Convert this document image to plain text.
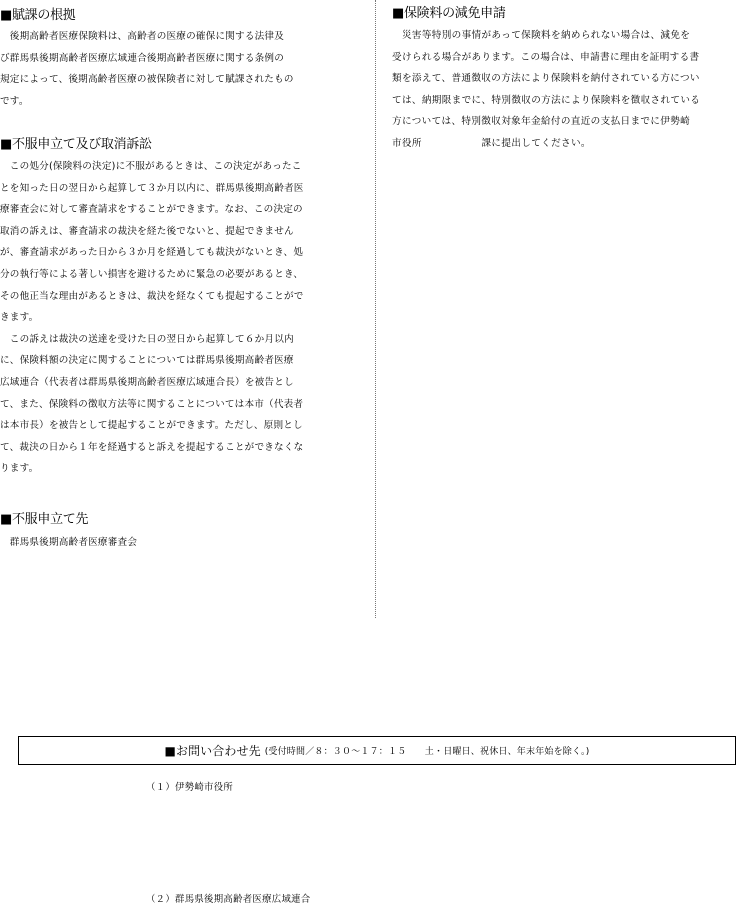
■賦課の根拠
　後期高齢者医療保険料は、高齢者の医療の確保に関する法律及
び群馬県後期高齢者医療広域連合後期高齢者医療に関する条例の
規定によって、後期高齢者医療の被保険者に対して賦課されたもの
です。
■不服申立て及び取消訴訟
　この処分(保険料の決定)に不服があるときは、この決定があったこ
とを知った日の翌日から起算して３か月以内に、群馬県後期高齢者医
療審査会に対して審査請求をすることができます。なお、この決定の
取消の訴えは、審査請求の裁決を経た後でないと、提起できません
が、審査請求があった日から３か月を経過しても裁決がないとき、処
分の執行等による著しい損害を避けるために緊急の必要があるとき、
その他正当な理由があるときは、裁決を経なくても提起することがで
きます。
　この訴えは裁決の送達を受けた日の翌日から起算して６か月以内
に、保険料額の決定に関することについては群馬県後期高齢者医療
広域連合（代表者は群馬県後期高齢者医療広域連合長）を被告とし
て、また、保険料の徴収方法等に関することについては本市（代表者
は本市長）を被告として提起することができます。ただし、原則とし
て、裁決の日から１年を経過すると訴えを提起することができなくな
ります。
■不服申立て先
　群馬県後期高齢者医療審査会
■保険料の減免申請
　災害等特別の事情があって保険料を納められない場合は、減免を
受けられる場合があります。この場合は、申請書に理由を証明する書
類を添えて、普通徴収の方法により保険料を納付されている方につい
ては、納期限までに、特別徴収の方法により保険料を徴収されている
方については、特別徴収対象年金給付の直近の支払日までに伊勢崎
市役所　　　　　　課に提出してください。
■お問い合わせ先 (受付時間／８：３０～１７：１５　　土・日曜日、祝休日、年末年始を除く。)
（１）伊勢崎市役所
（２）群馬県後期高齢者医療広域連合
